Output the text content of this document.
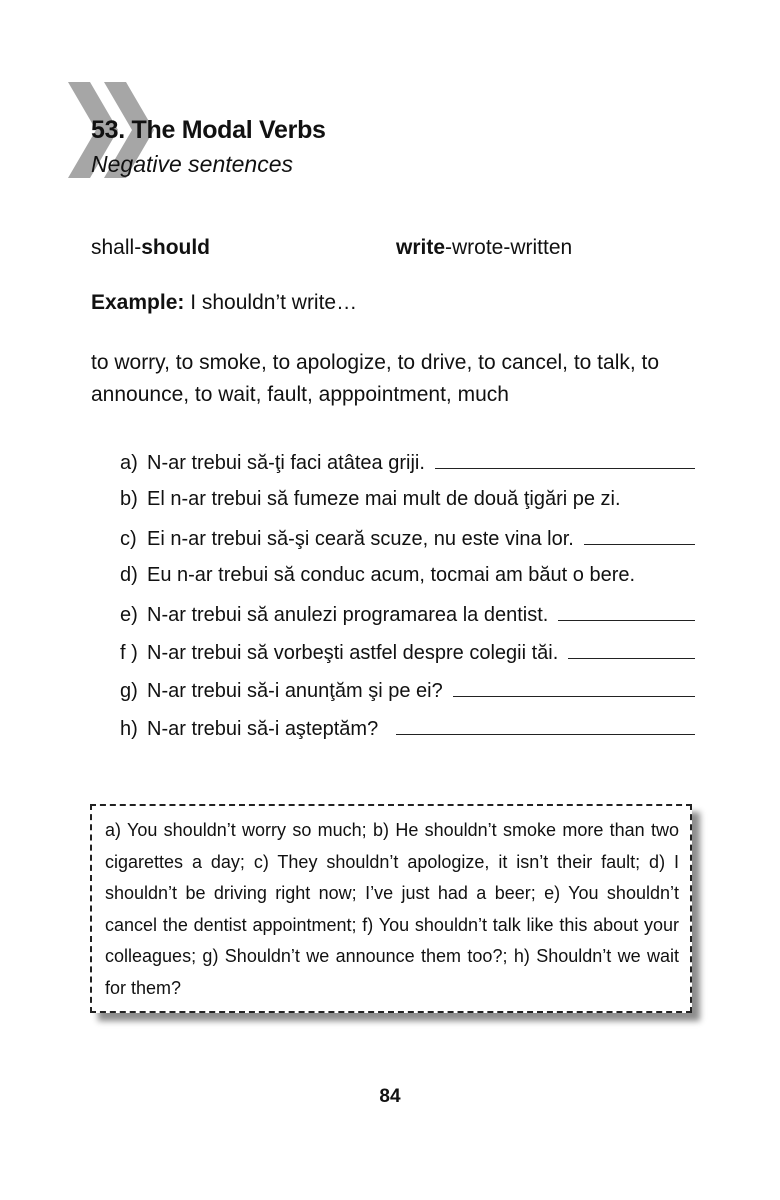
53. The Modal Verbs
Negative sentences
shall-should	write-wrote-written
Example: I shouldn’t write…
to worry, to smoke, to apologize, to drive, to cancel, to talk, to announce, to wait, fault, apppointment, much
a) N-ar trebui să-ţi faci atâtea griji.
b) El n-ar trebui să fumeze mai mult de două ţigări pe zi.
c) Ei n-ar trebui să-şi ceară scuze, nu este vina lor.
d) Eu n-ar trebui să conduc acum, tocmai am băut o bere.
e) N-ar trebui să anulezi programarea la dentist.
f ) N-ar trebui să vorbeşti astfel despre colegii tăi.
g) N-ar trebui să-i anunţăm şi pe ei?
h) N-ar trebui să-i aşteptăm?
a) You shouldn’t worry so much; b) He shouldn’t smoke more than two cigarettes a day; c) They shouldn’t apologize, it isn’t their fault; d) I shouldn’t be driving right now; I’ve just had a beer; e) You shouldn’t cancel the dentist appointment; f) You shouldn’t talk like this about your colleagues; g) Shouldn’t we announce them too?; h) Shouldn’t we wait for them?
84
